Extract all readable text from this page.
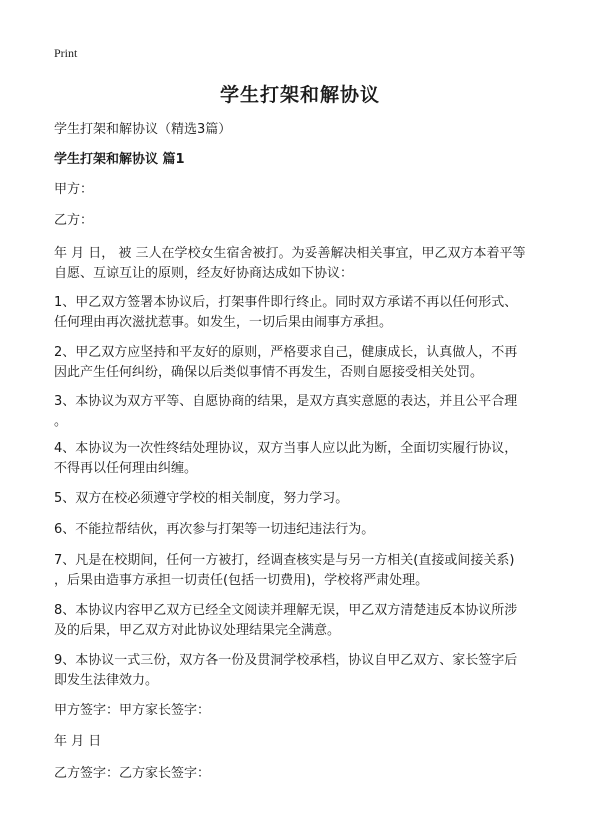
Print
学生打架和解协议
学生打架和解协议（精选3篇）
学生打架和解协议 篇1
甲方：
乙方：
年 月 日， 被 三人在学校女生宿舍被打。为妥善解决相关事宜，甲乙双方本着平等
自愿、互谅互让的原则，经友好协商达成如下协议：
1、甲乙双方签署本协议后，打架事件即行终止。同时双方承诺不再以任何形式、
任何理由再次滋扰惹事。如发生，一切后果由闹事方承担。
2、甲乙双方应坚持和平友好的原则，严格要求自己，健康成长，认真做人，不再
因此产生任何纠纷，确保以后类似事情不再发生，否则自愿接受相关处罚。
3、本协议为双方平等、自愿协商的结果，是双方真实意愿的表达，并且公平合理
。
4、本协议为一次性终结处理协议，双方当事人应以此为断，全面切实履行协议，
不得再以任何理由纠缠。
5、双方在校必须遵守学校的相关制度，努力学习。
6、不能拉帮结伙，再次参与打架等一切违纪违法行为。
7、凡是在校期间，任何一方被打，经调查核实是与另一方相关(直接或间接关系)
，后果由造事方承担一切责任(包括一切费用)，学校将严肃处理。
8、本协议内容甲乙双方已经全文阅读并理解无误，甲乙双方清楚违反本协议所涉
及的后果，甲乙双方对此协议处理结果完全满意。
9、本协议一式三份，双方各一份及贯洞学校承档，协议自甲乙双方、家长签字后
即发生法律效力。
甲方签字：甲方家长签字：
年 月 日
乙方签字：乙方家长签字：
